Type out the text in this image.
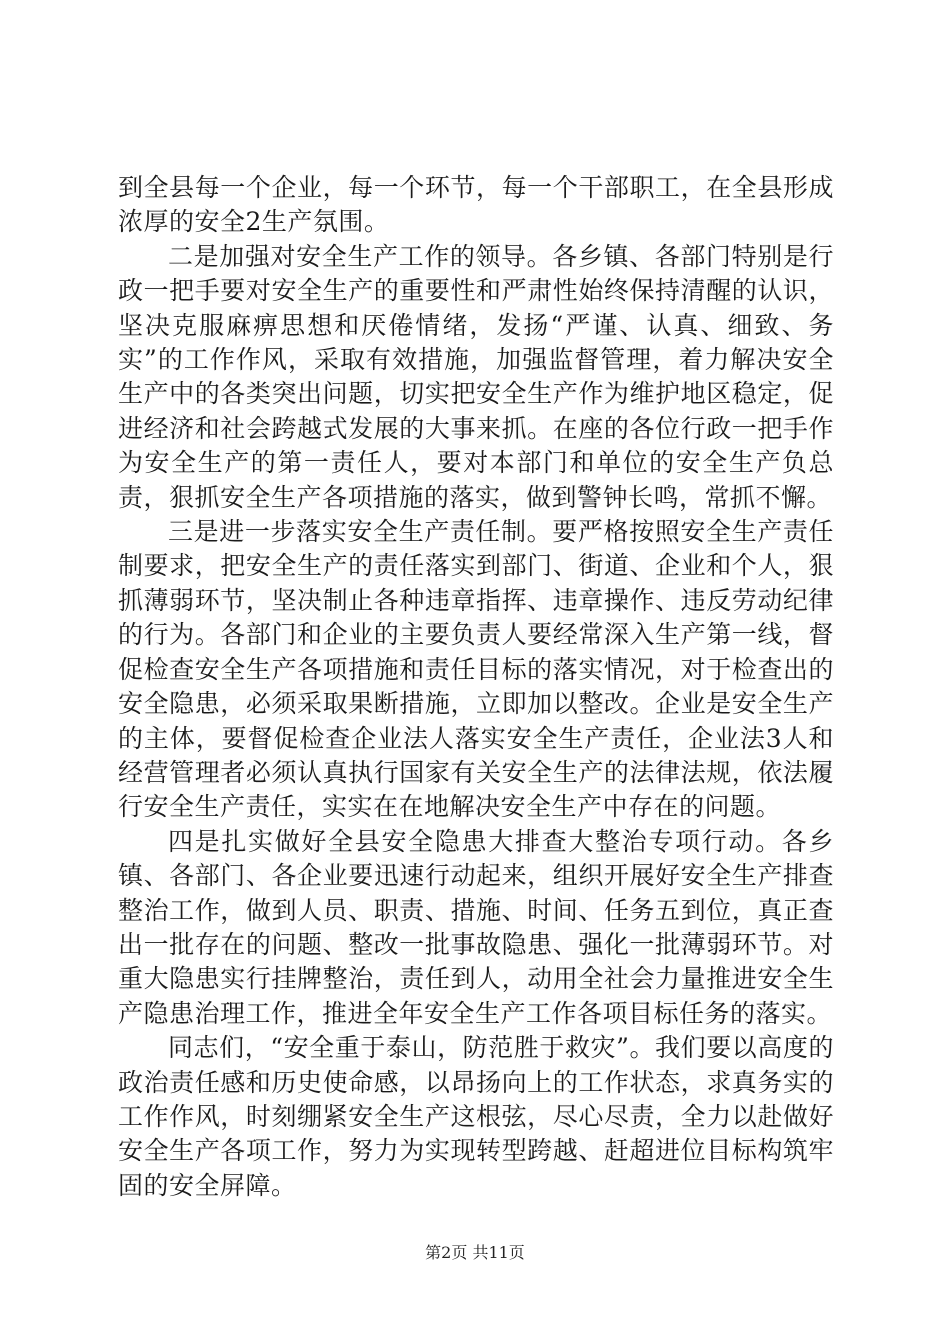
到全县每一个企业，每一个环节，每一个干部职工，在全县形成浓厚的安全2生产氛围。

二是加强对安全生产工作的领导。各乡镇、各部门特别是行政一把手要对安全生产的重要性和严肃性始终保持清醒的认识，坚决克服麻痹思想和厌倦情绪，发扬“严谨、认真、细致、务实”的工作作风，采取有效措施，加强监督管理，着力解决安全生产中的各类突出问题，切实把安全生产作为维护地区稳定，促进经济和社会跨越式发展的大事来抓。在座的各位行政一把手作为安全生产的第一责任人，要对本部门和单位的安全生产负总责，狠抓安全生产各项措施的落实，做到警钟长鸣，常抓不懈。

三是进一步落实安全生产责任制。要严格按照安全生产责任制要求，把安全生产的责任落实到部门、街道、企业和个人，狠抓薄弱环节，坚决制止各种违章指挥、违章操作、违反劳动纪律的行为。各部门和企业的主要负责人要经常深入生产第一线，督促检查安全生产各项措施和责任目标的落实情况，对于检查出的安全隐患，必须采取果断措施，立即加以整改。企业是安全生产的主体，要督促检查企业法人落实安全生产责任，企业法3人和经营管理者必须认真执行国家有关安全生产的法律法规，依法履行安全生产责任，实实在在地解决安全生产中存在的问题。

四是扎实做好全县安全隐患大排查大整治专项行动。各乡镇、各部门、各企业要迅速行动起来，组织开展好安全生产排查整治工作，做到人员、职责、措施、时间、任务五到位，真正查出一批存在的问题、整改一批事故隐患、强化一批薄弱环节。对重大隐患实行挂牌整治，责任到人，动用全社会力量推进安全生产隐患治理工作，推进全年安全生产工作各项目标任务的落实。

同志们，“安全重于泰山，防范胜于救灾”。我们要以高度的政治责任感和历史使命感，以昂扬向上的工作状态，求真务实的工作作风，时刻绷紧安全生产这根弦，尽心尽责，全力以赴做好安全生产各项工作，努力为实现转型跨越、赶超进位目标构筑牢固的安全屏障。

第2页 共11页
